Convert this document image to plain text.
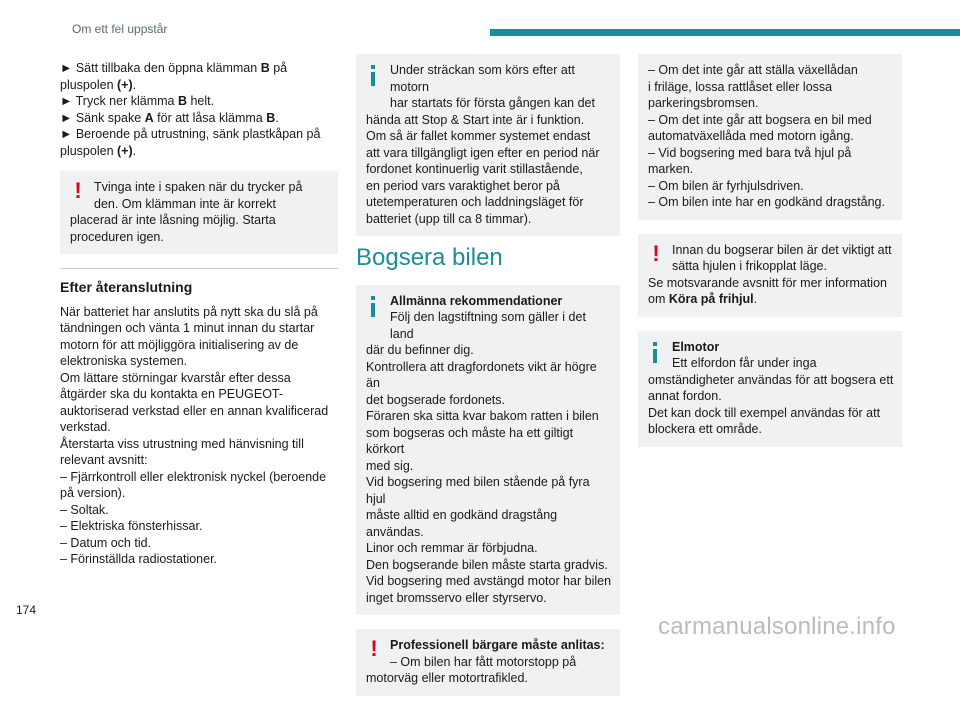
Om ett fel uppstår

► Sätt tillbaka den öppna klämman B på

pluspolen (+).

► Tryck ner klämma B helt.

► Sänk spake A för att låsa klämma B.

► Beroende på utrustning, sänk plastkåpan på

pluspolen (+).

! Tvinga inte i spaken när du trycker på

den. Om klämman inte är korrekt

placerad är inte låsning möjlig. Starta

proceduren igen.

Efter återanslutning

När batteriet har anslutits på nytt ska du slå på

tändningen och vänta 1 minut innan du startar

motorn för att möjliggöra initialisering av de

elektroniska systemen.

Om lättare störningar kvarstår efter dessa

åtgärder ska du kontakta en PEUGEOT-

auktoriserad verkstad eller en annan kvalificerad

verkstad.

Återstarta viss utrustning med hänvisning till

relevant avsnitt:

– Fjärrkontroll eller elektronisk nyckel (beroende

på version).

– Soltak.

– Elektriska fönsterhissar.

– Datum och tid.

– Förinställda radiostationer.

Under sträckan som körs efter att motorn

har startats för första gången kan det

hända att Stop & Start inte är i funktion.

Om så är fallet kommer systemet endast

att vara tillgängligt igen efter en period när

fordonet kontinuerlig varit stillastående,

en period vars varaktighet beror på

utetemperaturen och laddningsläget för

batteriet (upp till ca 8 timmar).

Bogsera bilen

Allmänna rekommendationer

Följ den lagstiftning som gäller i det land

där du befinner dig.

Kontrollera att dragfordonets vikt är högre än

det bogserade fordonets.

Föraren ska sitta kvar bakom ratten i bilen

som bogseras och måste ha ett giltigt körkort

med sig.

Vid bogsering med bilen stående på fyra hjul

måste alltid en godkänd dragstång användas.

Linor och remmar är förbjudna.

Den bogserande bilen måste starta gradvis.

Vid bogsering med avstängd motor har bilen

inget bromsservo eller styrservo.

! Professionell bärgare måste anlitas:

– Om bilen har fått motorstopp på

motorväg eller motortrafikled.

– Om det inte går att ställa växellådan

i friläge, lossa rattlåset eller lossa

parkeringsbromsen.

– Om det inte går att bogsera en bil med

automatväxellåda med motorn igång.

– Vid bogsering med bara två hjul på marken.

– Om bilen är fyrhjulsdriven.

– Om bilen inte har en godkänd dragstång.

! Innan du bogserar bilen är det viktigt att

sätta hjulen i frikopplat läge.

Se motsvarande avsnitt för mer information

om Köra på frihjul.

Elmotor

Ett elfordon får under inga

omständigheter användas för att bogsera ett

annat fordon.

Det kan dock till exempel användas för att

blockera ett område.

174
carmanualsonline.info
